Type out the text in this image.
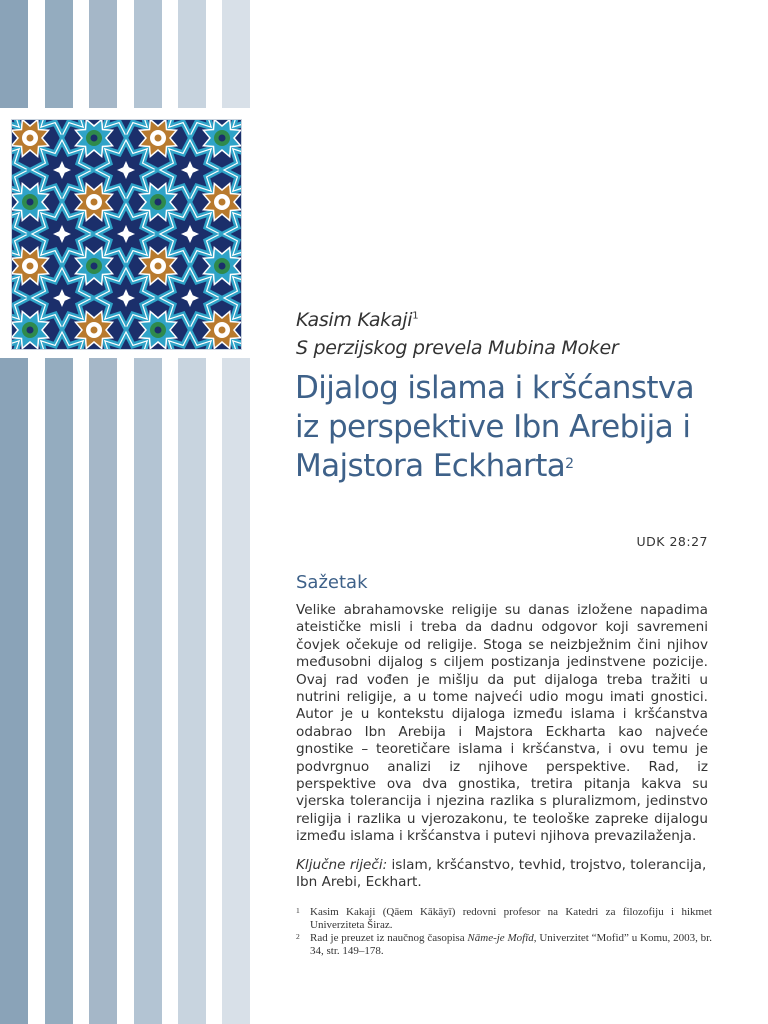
Kasim Kakaji$^1$
S perzijskog prevela Mubina Moker
Dijalog islama i kršćanstva
iz perspektive Ibn Arebija i
Majstora Eckharta$^2$
UDK 28:27
Sažetak
Velike abrahamovske religije su danas izložene napadima ateističke misli i treba da dadnu odgovor koji savremeni čovjek očekuje od religije. Stoga se neizbježnim čini njihov međusobni dijalog s ciljem postizanja jedinstvene pozicije. Ovaj rad vođen je mišlju da put dijaloga treba tražiti u nutrini religije, a u tome najveći udio mogu imati gnostici. Autor je u kontekstu dijaloga između islama i kršćanstva odabrao Ibn Arebija i Majstora Eckharta kao najveće gnostike – teoretičare islama i kršćanstva, i ovu temu je podvrgnuo analizi iz njihove perspektive. Rad, iz perspektive ova dva gnostika, tretira pitanja kakva su vjerska tolerancija i njezina razlika s pluralizmom, jedinstvo religija i razlika u vjerozakonu, te teološke zapreke dijalogu između islama i kršćanstva i putevi njihova prevazilaženja.
Ključne riječi: islam, kršćanstvo, tevhid, trojstvo, tolerancija, Ibn Arebi, Eckhart.
1 Kasim Kakaji (Qāem Kākāyī) redovni profesor na Katedri za filozofiju i hikmet Univerziteta Širaz.
2 Rad je preuzet iz naučnog časopisa Nāme-je Mofīd, Univerzitet “Mofid” u Komu, 2003, br. 34, str. 149–178.
